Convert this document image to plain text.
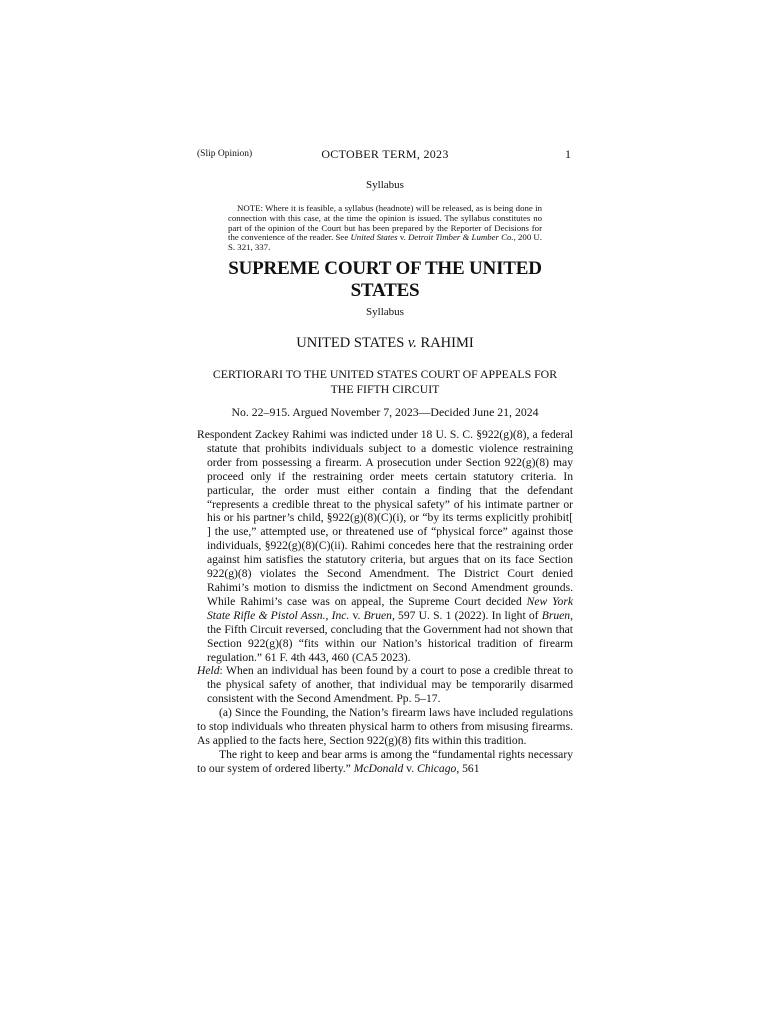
(Slip Opinion)	OCTOBER TERM, 2023	1
Syllabus
NOTE: Where it is feasible, a syllabus (headnote) will be released, as is being done in connection with this case, at the time the opinion is issued. The syllabus constitutes no part of the opinion of the Court but has been prepared by the Reporter of Decisions for the convenience of the reader. See United States v. Detroit Timber & Lumber Co., 200 U. S. 321, 337.
SUPREME COURT OF THE UNITED STATES
Syllabus
UNITED STATES v. RAHIMI
CERTIORARI TO THE UNITED STATES COURT OF APPEALS FOR THE FIFTH CIRCUIT
No. 22–915. Argued November 7, 2023—Decided June 21, 2024

Respondent Zackey Rahimi was indicted under 18 U. S. C. §922(g)(8), a federal statute that prohibits individuals subject to a domestic violence restraining order from possessing a firearm. A prosecution under Section 922(g)(8) may proceed only if the restraining order meets certain statutory criteria. In particular, the order must either contain a finding that the defendant “represents a credible threat to the physical safety” of his intimate partner or his or his partner’s child, §922(g)(8)(C)(i), or “by its terms explicitly prohibit[ ] the use,” attempted use, or threatened use of “physical force” against those individuals, §922(g)(8)(C)(ii). Rahimi concedes here that the restraining order against him satisfies the statutory criteria, but argues that on its face Section 922(g)(8) violates the Second Amendment. The District Court denied Rahimi’s motion to dismiss the indictment on Second Amendment grounds. While Rahimi’s case was on appeal, the Supreme Court decided New York State Rifle & Pistol Assn., Inc. v. Bruen, 597 U. S. 1 (2022). In light of Bruen, the Fifth Circuit reversed, concluding that the Government had not shown that Section 922(g)(8) “fits within our Nation’s historical tradition of firearm regulation.” 61 F. 4th 443, 460 (CA5 2023).

Held: When an individual has been found by a court to pose a credible threat to the physical safety of another, that individual may be temporarily disarmed consistent with the Second Amendment. Pp. 5–17.

(a) Since the Founding, the Nation’s firearm laws have included regulations to stop individuals who threaten physical harm to others from misusing firearms. As applied to the facts here, Section 922(g)(8) fits within this tradition.

The right to keep and bear arms is among the “fundamental rights necessary to our system of ordered liberty.” McDonald v. Chicago, 561
